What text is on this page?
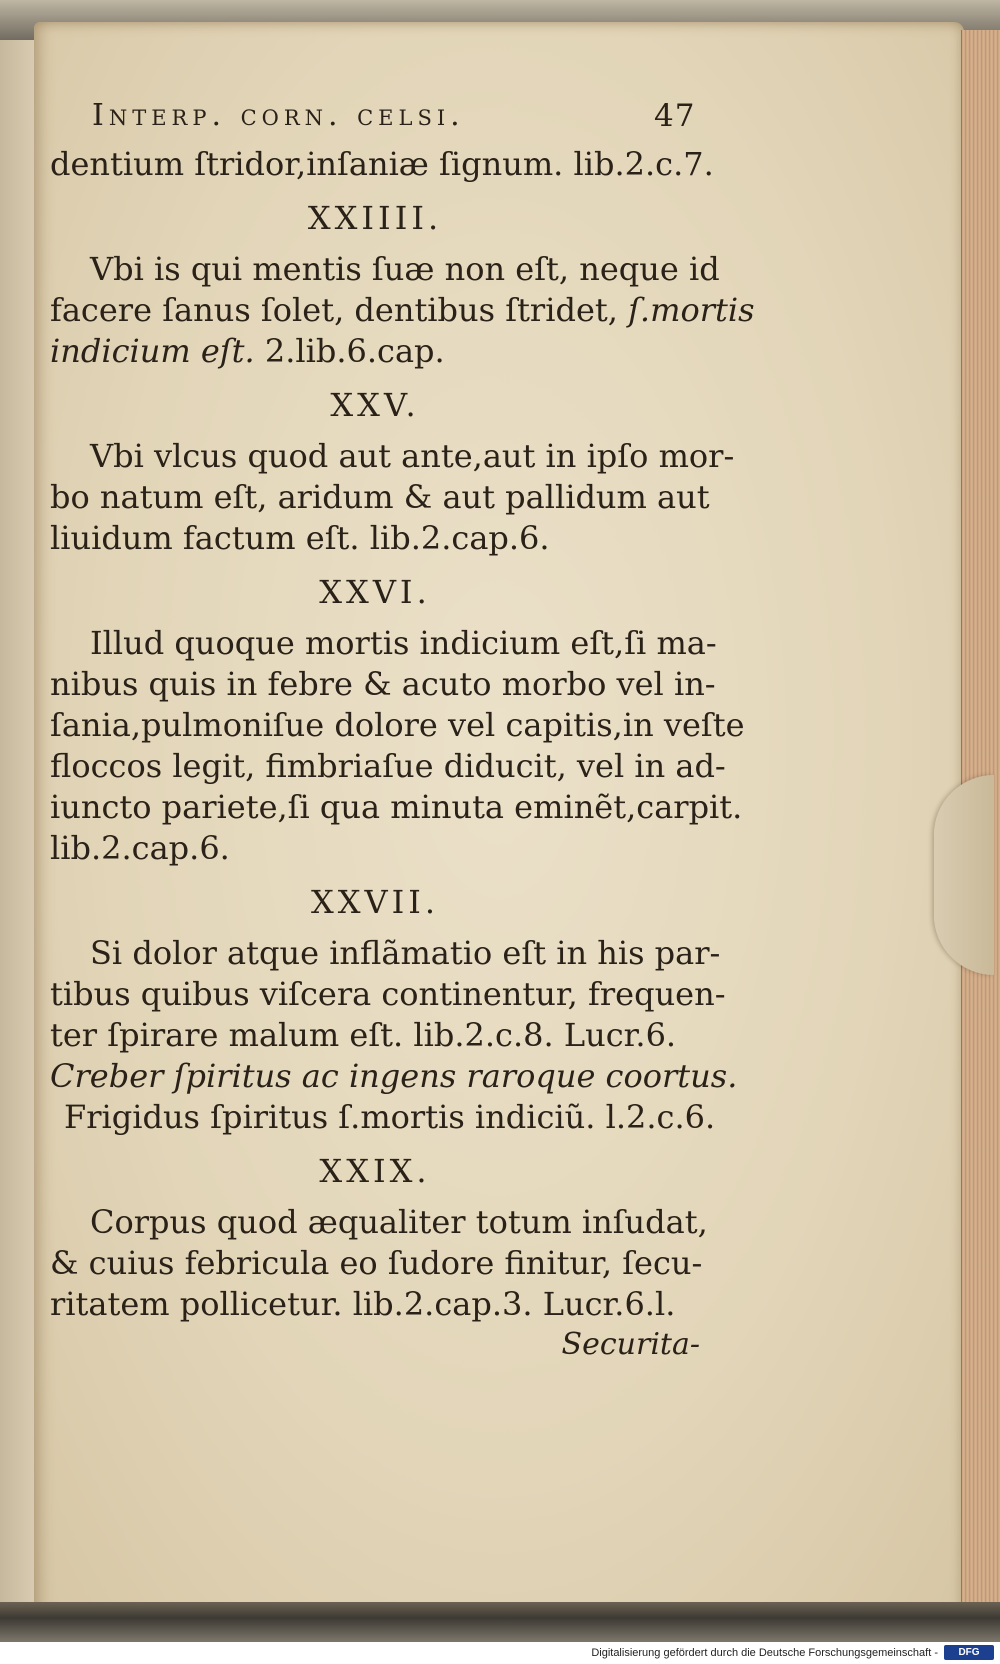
Interp. corn. celsi.	47
dentium ſtridor,inſaniæ ſignum. lib.2.c.7.
XXIIII.
Vbi is qui mentis ſuæ non eſt, neque id
facere ſanus ſolet, dentibus ſtridet, ſ.mortis
indicium eſt. 2.lib.6.cap.
XXV.
Vbi vlcus quod aut ante,aut in ipſo mor-
bo natum eſt, aridum & aut pallidum aut
liuidum factum eſt. lib.2.cap.6.
XXVI.
Illud quoque mortis indicium eſt,ſi ma-
nibus quis in febre & acuto morbo vel in-
ſania,pulmoniſue dolore vel capitis,in veſte
floccos legit, fimbriaſue diducit, vel in ad-
iuncto pariete,ſi qua minuta eminẽt,carpit.
lib.2.cap.6.
XXVII.
Si dolor atque inflãmatio eſt in his par-
tibus quibus viſcera continentur, frequen-
ter ſpirare malum eſt. lib.2.c.8. Lucr.6.
Creber ſpiritus ac ingens raroque coortus.
Frigidus ſpiritus ſ.mortis indiciũ. l.2.c.6.
XXIX.
Corpus quod æqualiter totum inſudat,
& cuius febricula eo ſudore finitur, ſecu-
ritatem pollicetur. lib.2.cap.3. Lucr.6.l.
Securita-
Digitalisierung gefördert durch die Deutsche Forschungsgemeinschaft -	DFG
